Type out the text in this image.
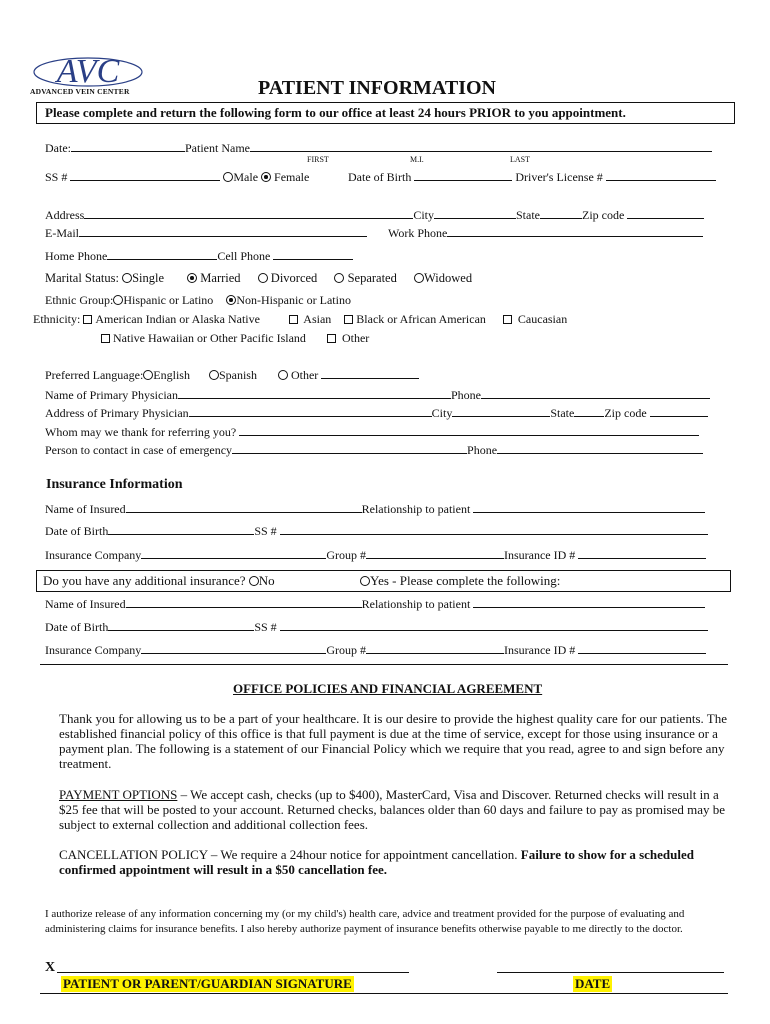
AVC
ADVANCED VEIN CENTER	PATIENT INFORMATION
Please complete and return the following form to our office at least 24 hours PRIOR to you appointment.
Date:	Patient Name
FIRST	M.I.	LAST
SS #	Male Female	Date of Birth	Driver's License #
Address	City	State	Zip code
E-Mail	Work Phone
Home Phone	Cell Phone
Marital Status: Single	Married Divorced Separated Widowed
Ethnic Group: Hispanic or Latino Non-Hispanic or Latino
Ethnicity: American Indian or Alaska Native	Asian Black or African American	Caucasian
Native Hawaiian or Other Pacific Island	Other
Preferred Language: English Spanish	Other
Name of Primary Physician	Phone
Address of Primary Physician	City	State	Zip code
Whom may we thank for referring you?
Person to contact in case of emergency	Phone
Insurance Information
Name of Insured	Relationship to patient
Date of Birth	SS #
Insurance Company	Group #	Insurance ID #
Do you have any additional insurance? No	Yes - Please complete the following:
Name of Insured	Relationship to patient
Date of Birth	SS #
Insurance Company	Group #	Insurance ID #
OFFICE POLICIES AND FINANCIAL AGREEMENT
Thank you for allowing us to be a part of your healthcare. It is our desire to provide the highest quality care for our patients. The established financial policy of this office is that full payment is due at the time of service, except for those using insurance or a payment plan. The following is a statement of our Financial Policy which we require that you read, agree to and sign before any treatment.
PAYMENT OPTIONS – We accept cash, checks (up to $400), MasterCard, Visa and Discover. Returned checks will result in a $25 fee that will be posted to your account. Returned checks, balances older than 60 days and failure to pay as promised may be subject to external collection and additional collection fees.
CANCELLATION POLICY – We require a 24hour notice for appointment cancellation. Failure to show for a scheduled confirmed appointment will result in a $50 cancellation fee.
I authorize release of any information concerning my (or my child's) health care, advice and treatment provided for the purpose of evaluating and administering claims for insurance benefits. I also hereby authorize payment of insurance benefits otherwise payable to me directly to the doctor.
X
PATIENT OR PARENT/GUARDIAN SIGNATURE	DATE
